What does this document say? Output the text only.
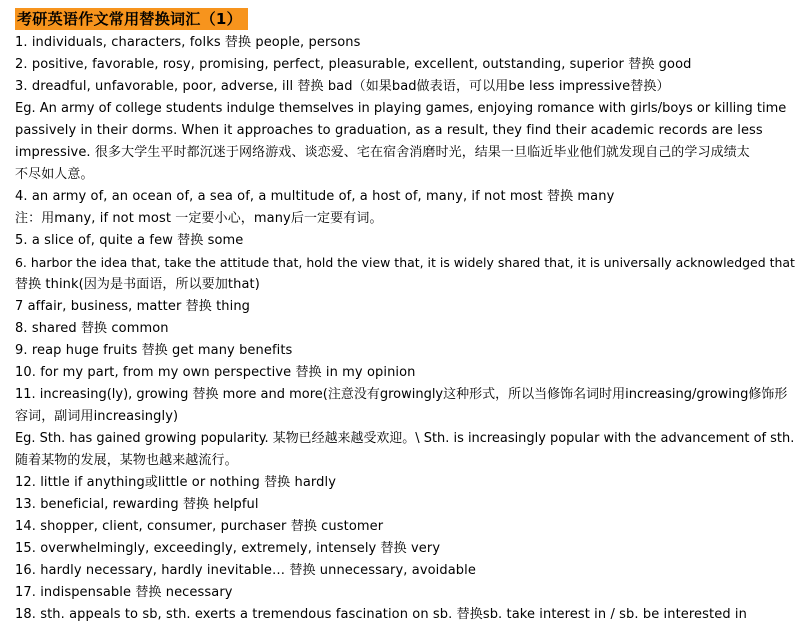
考研英语作文常用替换词汇（1）
1. individuals, characters, folks 替换 people, persons
2. positive, favorable, rosy, promising, perfect, pleasurable, excellent, outstanding, superior 替换 good
3. dreadful, unfavorable, poor, adverse, ill 替换 bad（如果bad做表语，可以用be less impressive替换）
Eg. An army of college students indulge themselves in playing games, enjoying romance with girls/boys or killing time
passively in their dorms. When it approaches to graduation, as a result, they find their academic records are less
impressive. 很多大学生平时都沉迷于网络游戏、谈恋爱、宅在宿舍消磨时光，结果一旦临近毕业他们就发现自己的学习成绩太
不尽如人意。
4. an army of, an ocean of, a sea of, a multitude of, a host of, many, if not most 替换 many
注：用many, if not most 一定要小心，many后一定要有词。
5. a slice of, quite a few 替换 some
6. harbor the idea that, take the attitude that, hold the view that, it is widely shared that, it is universally acknowledged that
替换 think(因为是书面语，所以要加that)
7 affair, business, matter 替换 thing
8. shared 替换 common
9. reap huge fruits 替换 get many benefits
10. for my part, from my own perspective 替换 in my opinion
11. increasing(ly), growing 替换 more and more(注意没有growingly这种形式，所以当修饰名词时用increasing/growing修饰形
容词，副词用increasingly)
Eg. Sth. has gained growing popularity. 某物已经越来越受欢迎。\ Sth. is increasingly popular with the advancement of sth.
随着某物的发展，某物也越来越流行。
12. little if anything或little or nothing 替换 hardly
13. beneficial, rewarding 替换 helpful
14. shopper, client, consumer, purchaser 替换 customer
15. overwhelmingly, exceedingly, extremely, intensely 替换 very
16. hardly necessary, hardly inevitable… 替换 unnecessary, avoidable
17. indispensable 替换 necessary
18. sth. appeals to sb, sth. exerts a tremendous fascination on sb. 替换sb. take interest in / sb. be interested in
